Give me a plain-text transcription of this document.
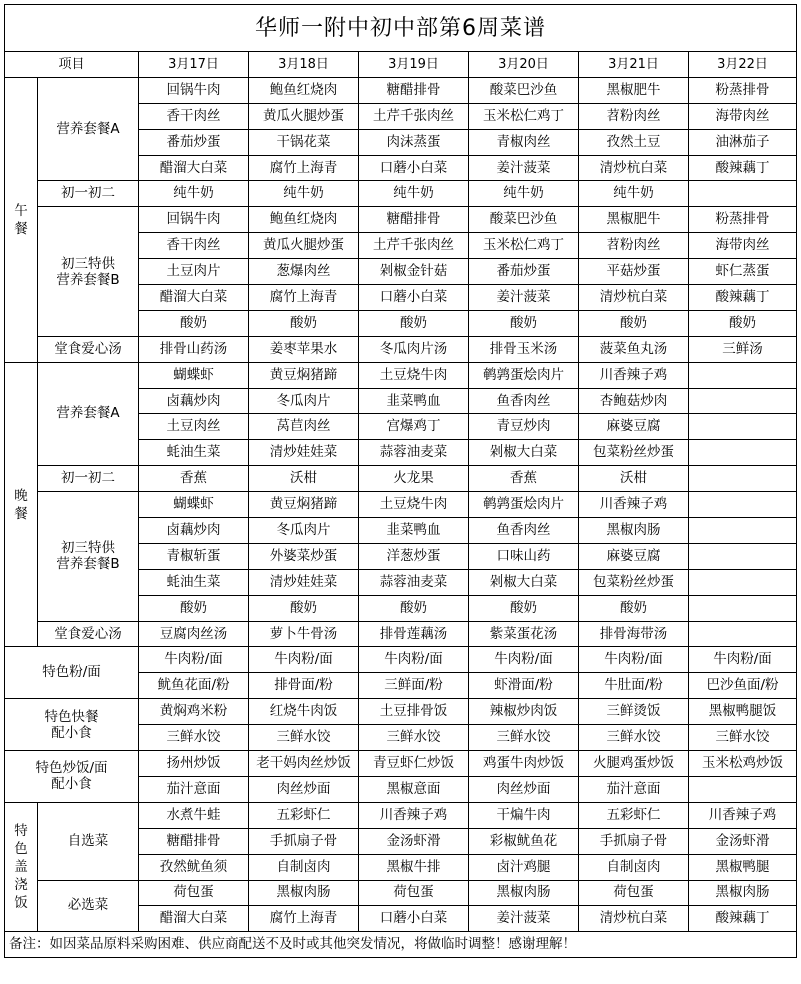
华师一附中初中部第6周菜谱							
项目		3月17日	3月18日	3月19日	3月20日	3月21日	3月22日

午
餐	营养套餐A	回锅牛肉	鲍鱼红烧肉	糖醋排骨	酸菜巴沙鱼	黑椒肥牛	粉蒸排骨
		香干肉丝	黄瓜火腿炒蛋	土芹千张肉丝	玉米松仁鸡丁	苕粉肉丝	海带肉丝
		番茄炒蛋	干锅花菜	肉沫蒸蛋	青椒肉丝	孜然土豆	油淋茄子
		醋溜大白菜	腐竹上海青	口蘑小白菜	姜汁菠菜	清炒杭白菜	酸辣藕丁
	初一初二	纯牛奶	纯牛奶	纯牛奶	纯牛奶	纯牛奶	

	初三特供
营养套餐B	回锅牛肉	鲍鱼红烧肉	糖醋排骨	酸菜巴沙鱼	黑椒肥牛	粉蒸排骨
		香干肉丝	黄瓜火腿炒蛋	土芹千张肉丝	玉米松仁鸡丁	苕粉肉丝	海带肉丝
		土豆肉片	葱爆肉丝	剁椒金针菇	番茄炒蛋	平菇炒蛋	虾仁蒸蛋
		醋溜大白菜	腐竹上海青	口蘑小白菜	姜汁菠菜	清炒杭白菜	酸辣藕丁
		酸奶	酸奶	酸奶	酸奶	酸奶	酸奶
	堂食爱心汤	排骨山药汤	姜枣苹果水	冬瓜肉片汤	排骨玉米汤	菠菜鱼丸汤	三鲜汤

晚
餐	营养套餐A	蝴蝶虾	黄豆焖猪蹄	土豆烧牛肉	鹌鹑蛋烩肉片	川香辣子鸡	
		卤藕炒肉	冬瓜肉片	韭菜鸭血	鱼香肉丝	杏鲍菇炒肉	
		土豆肉丝	莴苣肉丝	宫爆鸡丁	青豆炒肉	麻婆豆腐	
		蚝油生菜	清炒娃娃菜	蒜蓉油麦菜	剁椒大白菜	包菜粉丝炒蛋	
	初一初二	香蕉	沃柑	火龙果	香蕉	沃柑	

	初三特供
营养套餐B	蝴蝶虾	黄豆焖猪蹄	土豆烧牛肉	鹌鹑蛋烩肉片	川香辣子鸡	
		卤藕炒肉	冬瓜肉片	韭菜鸭血	鱼香肉丝	黑椒肉肠	
		青椒斩蛋	外婆菜炒蛋	洋葱炒蛋	口味山药	麻婆豆腐	
		蚝油生菜	清炒娃娃菜	蒜蓉油麦菜	剁椒大白菜	包菜粉丝炒蛋	
		酸奶	酸奶	酸奶	酸奶	酸奶	
	堂食爱心汤	豆腐肉丝汤	萝卜牛骨汤	排骨莲藕汤	紫菜蛋花汤	排骨海带汤	
特色粉/面		牛肉粉/面	牛肉粉/面	牛肉粉/面	牛肉粉/面	牛肉粉/面	牛肉粉/面
		鱿鱼花面/粉	排骨面/粉	三鲜面/粉	虾滑面/粉	牛肚面/粉	巴沙鱼面/粉

特色快餐
配小食		黄焖鸡米粉	红烧牛肉饭	土豆排骨饭	辣椒炒肉饭	三鲜烫饭	黑椒鸭腿饭
		三鲜水饺	三鲜水饺	三鲜水饺	三鲜水饺	三鲜水饺	三鲜水饺

特色炒饭/面
配小食		扬州炒饭	老干妈肉丝炒饭	青豆虾仁炒饭	鸡蛋牛肉炒饭	火腿鸡蛋炒饭	玉米松鸡炒饭
		茄汁意面	肉丝炒面	黑椒意面	肉丝炒面	茄汁意面	

特
色
盖
浇
饭	自选菜	水煮牛蛙	五彩虾仁	川香辣子鸡	干煸牛肉	五彩虾仁	川香辣子鸡
		糖醋排骨	手抓扇子骨	金汤虾滑	彩椒鱿鱼花	手抓扇子骨	金汤虾滑
		孜然鱿鱼须	自制卤肉	黑椒牛排	卤汁鸡腿	自制卤肉	黑椒鸭腿
	必选菜	荷包蛋	黑椒肉肠	荷包蛋	黑椒肉肠	荷包蛋	黑椒肉肠
		醋溜大白菜	腐竹上海青	口蘑小白菜	姜汁菠菜	清炒杭白菜	酸辣藕丁
备注：如因菜品原料采购困难、供应商配送不及时或其他突发情况，将做临时调整！感谢理解！							
